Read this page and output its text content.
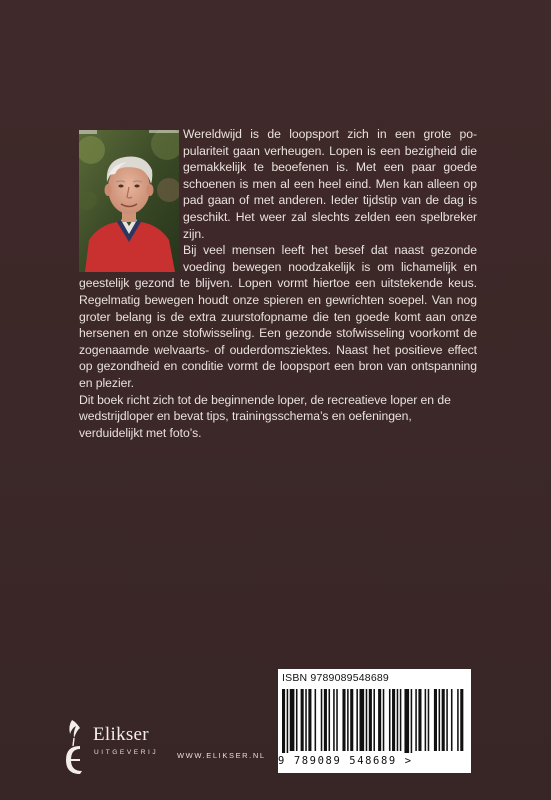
Wereldwijd is de loopsport zich in een grote populariteit gaan verheugen. Lopen is een bezigheid die gemakkelijk te beoefenen is. Met een paar goede schoenen is men al een heel eind. Men kan alleen op pad gaan of met anderen. Ieder tijdstip van de dag is geschikt. Het weer zal slechts zelden een spelbreker zijn.

Bij veel mensen leeft het besef dat naast gezonde voeding bewegen noodzakelijk is om lichamelijk en geestelijk gezond te blijven. Lopen vormt hiertoe een uitstekende keus. Regelmatig bewegen houdt onze spieren en gewrichten soepel. Van nog groter belang is de extra zuurstofopname die ten goede komt aan onze hersenen en onze stofwisseling. Een gezonde stofwisseling voorkomt de zogenaamde welvaarts- of ouderdomsziektes. Naast het positieve effect op gezondheid en conditie vormt de loopsport een bron van ontspanning en plezier.

Dit boek richt zich tot de beginnende loper, de recreatieve loper en de wedstrijdloper en bevat tips, trainingsschema’s en oefeningen, verduidelijkt met foto’s.

ISBN 9789089548689
9 789089 548689 >
Elikser
UITGEVERIJ WWW.ELIKSER.NL
